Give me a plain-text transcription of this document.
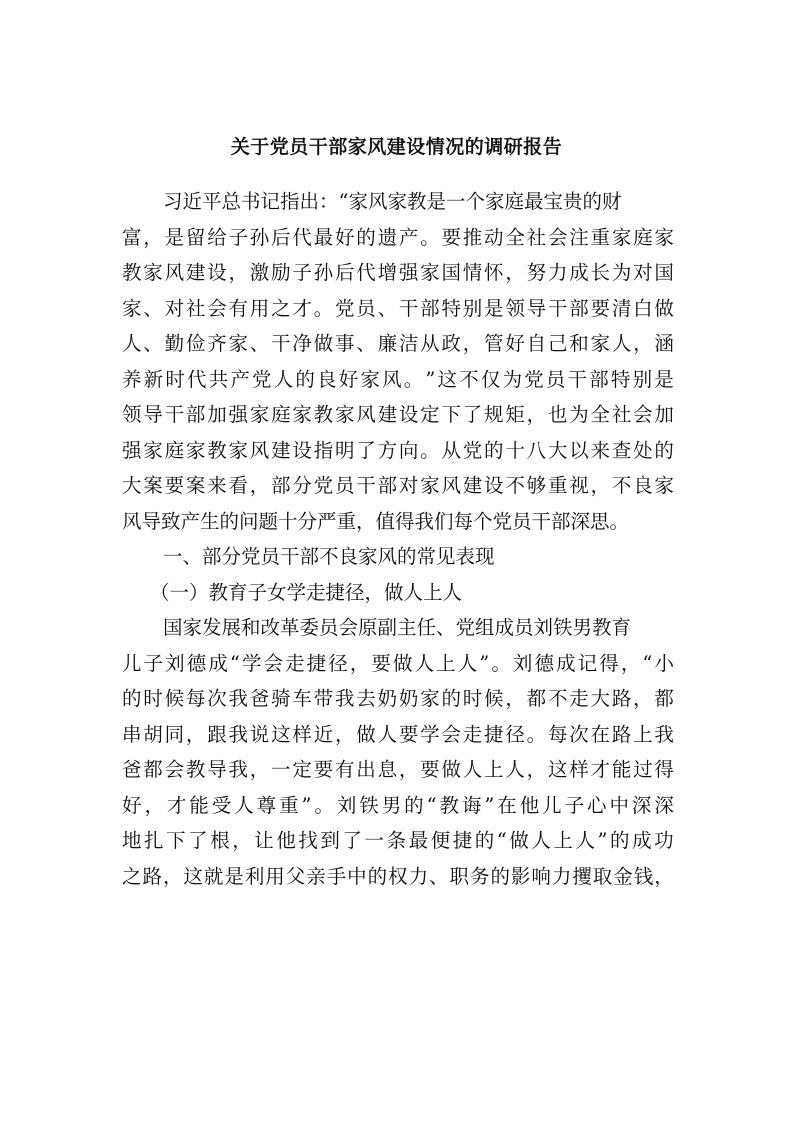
关于党员干部家风建设情况的调研报告
习近平总书记指出：“家风家教是一个家庭最宝贵的财
富 ， 是 留 给 子 孙 后 代 最 好 的 遗 产 。 要 推 动 全 社 会 注 重 家 庭 家
教 家 风 建 设 ， 激 励 子 孙 后 代 增 强 家 国 情 怀 ， 努 力 成 长 为 对 国
家 、 对 社 会 有 用 之 才 。 党 员 、 干 部 特 别 是 领 导 干 部 要 清 白 做
人 、 勤 俭 齐 家 、 干 净 做 事 、 廉 洁 从 政 ， 管 好 自 己 和 家 人 ， 涵
养 新 时 代 共 产 党 人 的 良 好 家 风 。 ” 这 不 仅 为 党 员 干 部 特 别 是
领 导 干 部 加 强 家 庭 家 教 家 风 建 设 定 下 了 规 矩 ， 也 为 全 社 会 加
强 家 庭 家 教 家 风 建 设 指 明 了 方 向 。 从 党 的 十 八 大 以 来 查 处 的
大 案 要 案 来 看 ， 部 分 党 员 干 部 对 家 风 建 设 不 够 重 视 ， 不 良 家
风导致产生的问题十分严重，值得我们每个党员干部深思。
一、部分党员干部不良家风的常见表现
（一）教育子女学走捷径，做人上人
国家发展和改革委员会原副主任、党组成员刘铁男教育
儿 子 刘 德 成 “ 学 会 走 捷 径 ， 要 做 人 上 人 ” 。 刘 德 成 记 得 ， “ 小
的 时 候 每 次 我 爸 骑 车 带 我 去 奶 奶 家 的 时 候 ， 都 不 走 大 路 ， 都
串 胡 同 ， 跟 我 说 这 样 近 ， 做 人 要 学 会 走 捷 径 。 每 次 在 路 上 我
爸 都 会 教 导 我 ， 一 定 要 有 出 息 ， 要 做 人 上 人 ， 这 样 才 能 过 得
好 ， 才 能 受 人 尊 重 ” 。 刘 铁 男 的 “ 教 诲 ” 在 他 儿 子 心 中 深 深
地 扎 下 了 根 ， 让 他 找 到 了 一 条 最 便 捷 的 “ 做 人 上 人 ” 的 成 功
之 路 ， 这 就 是 利 用 父 亲 手 中 的 权 力 、 职 务 的 影 响 力 攫 取 金 钱 ，
